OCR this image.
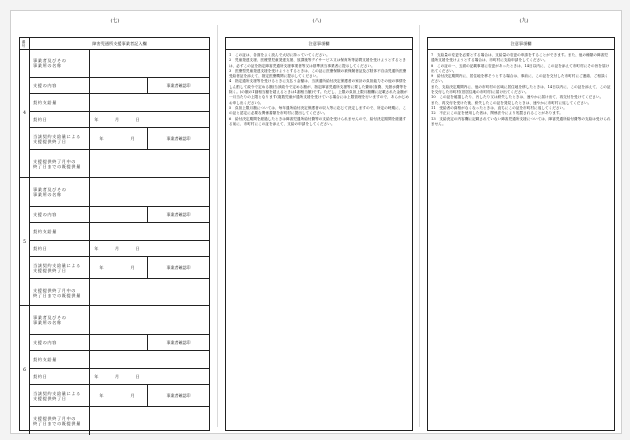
(七)	(八)	(九)
番号	障害児通所支援事業者記入欄
4
事業者及びその
事業所の名称
支援の内容	事業者確認印
契約支給量
契約日	年	月	日
当該契約支給量による
支援提供終了日
年	月	事業者確認印
支援提供終了月中の
終了日までの既提供量
5
事業者及びその
事業所の名称
支援の内容	事業者確認印
契約支給量
契約日	年	月	日
当該契約支給量による
支援提供終了日
年	月	事業者確認印
支援提供終了月中の
終了日までの既提供量
6
事業者及びその
事業所の名称
支援の内容	事業者確認印
契約支給量
契約日	年	月	日
当該契約支給量による
支援提供終了日
年	月	事業者確認印
支援提供終了月中の
終了日までの既提供量
注意事項欄

1　この証は、各面をよく読んで大切に持っていてください。

2　児童発達支援、医療型児童発達支援、放課後等デイサービス又は保育所等訪問支援を受けようとするときは、必ずこの証を指定障害児通所支援事業者等又は基準該当事業者に提示してください。

3　医療型児童発達支援を受けようとするときは、この証に医療保険の被保険者証及び肢体不自由児通所医療受給者証を添えて、指定医療機関に提示してください。

4　指定通所支援等を受けるときに支払う金額は、当該通所給付決定保護者の家計の負担能力その他の事情をしん酌して政令で定める額(当該政令で定める額が、指定障害児通所支援等に要した費用(食費、光熱水費等を除く。)の額の1割相当額を超えるときは1割相当額)です。ただし、上限の負担上限月額欄に記載された金額が一月当たりの上限となります(複数児童が通所支援を受けている場合には上限管理を行いますので、あらかじめお申し出ください)。

5　負担上限月額については、毎年通所給付決定保護者の収入等に応じて決定しますので、所定の時期に、この証と認定に必要な関係書類を市町村に提出してください。

6　給付決定期間を経過したときは障害児通所給付費等の支給を受けられませんので、給付決定期間を経過する前に、市町村にこの証を添えて、支給の申請をしてください。

注意事項欄

7　支給量の変更を必要とする場合は、支給量の変更の申請をすることができます。また、他の種類の障害児通所支援を受けようとする場合は、市町村に支給申請をしてください。

8　この証の一、五面の記載事項に変更があったときは、14日以内に、この証を添えて市町村にその旨を届け出てください。

9　給付決定期間内に、居住地を移そうとする場合は、事前に、この証を交付した市町村にご連絡、ご相談ください。

また、支給決定期間内に、他の市町村の区域に居住地を移したときは、14日以内に、この証を添えて、この証を交付した市町村(旧居住地の市町村)に届け出てください。

10　この証を破損したり、汚したり又は紛失したときは、速やかに届け出て、再交付を受けてください。

また、再交付を受けた後、紛失したこの証を発見したときは、速やかに市町村に返してください。

11　受給者の資格がなくなったときは、直ちにこの証を市町村に返してください。

12　不正にこの証を使用した者は、関係法令により処罰されることがあります。

13　支給決定の内容欄に記載されていない障害児通所支援については、障害児通所給付費等の支給は受けられません。
